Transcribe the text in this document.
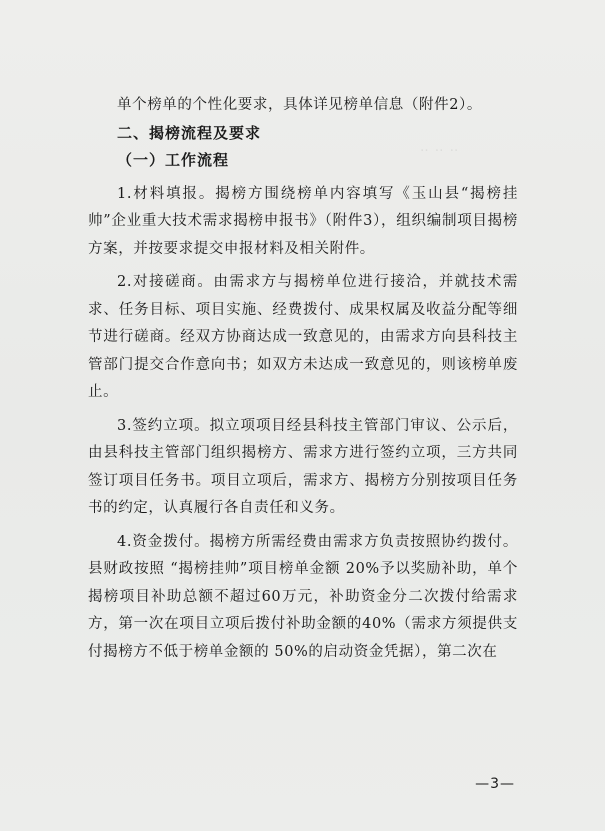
‥ ‥ ‥

单个榜单的个性化要求，具体详见榜单信息（附件2）。

二、揭榜流程及要求

（一）工作流程

1.材料填报。揭榜方围绕榜单内容填写《玉山县“揭榜挂帅”企业重大技术需求揭榜申报书》（附件3），组织编制项目揭榜方案，并按要求提交申报材料及相关附件。

2.对接磋商。由需求方与揭榜单位进行接洽，并就技术需求、任务目标、项目实施、经费拨付、成果权属及收益分配等细节进行磋商。经双方协商达成一致意见的，由需求方向县科技主管部门提交合作意向书；如双方未达成一致意见的，则该榜单废止。

3.签约立项。拟立项项目经县科技主管部门审议、公示后，由县科技主管部门组织揭榜方、需求方进行签约立项，三方共同签订项目任务书。项目立项后，需求方、揭榜方分别按项目任务书的约定，认真履行各自责任和义务。

4.资金拨付。揭榜方所需经费由需求方负责按照协约拨付。县财政按照 “揭榜挂帅”项目榜单金额 20%予以奖励补助，单个揭榜项目补助总额不超过60万元，补助资金分二次拨付给需求方，第一次在项目立项后拨付补助金额的40%（需求方须提供支付揭榜方不低于榜单金额的 50%的启动资金凭据），第二次在

—3—
